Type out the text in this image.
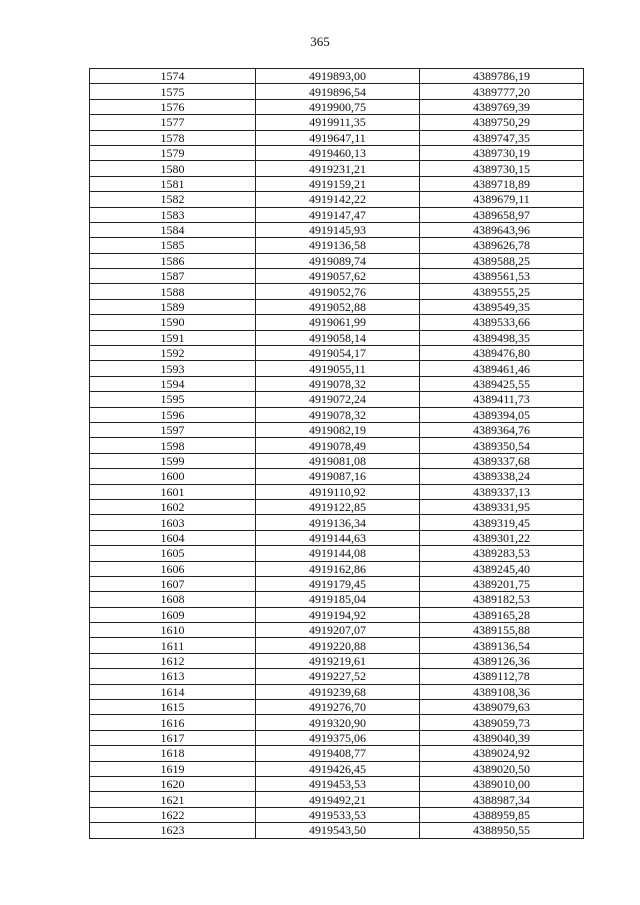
365
1574	4919893,00	4389786,19
1575	4919896,54	4389777,20
1576	4919900,75	4389769,39
1577	4919911,35	4389750,29
1578	4919647,11	4389747,35
1579	4919460,13	4389730,19
1580	4919231,21	4389730,15
1581	4919159,21	4389718,89
1582	4919142,22	4389679,11
1583	4919147,47	4389658,97
1584	4919145,93	4389643,96
1585	4919136,58	4389626,78
1586	4919089,74	4389588,25
1587	4919057,62	4389561,53
1588	4919052,76	4389555,25
1589	4919052,88	4389549,35
1590	4919061,99	4389533,66
1591	4919058,14	4389498,35
1592	4919054,17	4389476,80
1593	4919055,11	4389461,46
1594	4919078,32	4389425,55
1595	4919072,24	4389411,73
1596	4919078,32	4389394,05
1597	4919082,19	4389364,76
1598	4919078,49	4389350,54
1599	4919081,08	4389337,68
1600	4919087,16	4389338,24
1601	4919110,92	4389337,13
1602	4919122,85	4389331,95
1603	4919136,34	4389319,45
1604	4919144,63	4389301,22
1605	4919144,08	4389283,53
1606	4919162,86	4389245,40
1607	4919179,45	4389201,75
1608	4919185,04	4389182,53
1609	4919194,92	4389165,28
1610	4919207,07	4389155,88
1611	4919220,88	4389136,54
1612	4919219,61	4389126,36
1613	4919227,52	4389112,78
1614	4919239,68	4389108,36
1615	4919276,70	4389079,63
1616	4919320,90	4389059,73
1617	4919375,06	4389040,39
1618	4919408,77	4389024,92
1619	4919426,45	4389020,50
1620	4919453,53	4389010,00
1621	4919492,21	4388987,34
1622	4919533,53	4388959,85
1623	4919543,50	4388950,55
